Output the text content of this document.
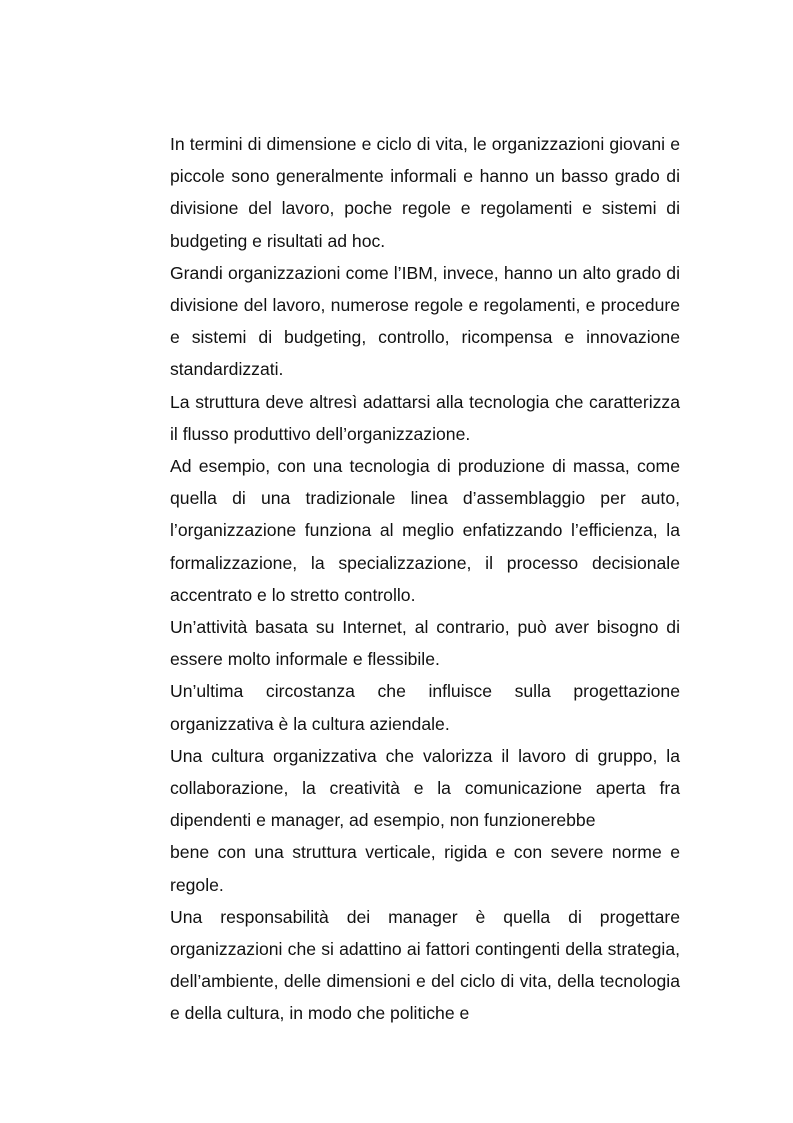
In termini di dimensione e ciclo di vita, le organizzazioni giovani e piccole sono generalmente informali e hanno un basso grado di divisione del lavoro, poche regole e regolamenti e sistemi di budgeting e risultati ad hoc.

Grandi organizzazioni come l’IBM, invece, hanno un alto grado di divisione del lavoro, numerose regole e regolamenti, e procedure e sistemi di budgeting, controllo, ricompensa e innovazione standardizzati.

La struttura deve altresì adattarsi alla tecnologia che caratterizza il flusso produttivo dell’organizzazione.

Ad esempio, con una tecnologia di produzione di massa, come quella di una tradizionale linea d’assemblaggio per auto, l’organizzazione funziona al meglio enfatizzando l’efficienza, la formalizzazione, la specializzazione, il processo decisionale accentrato e lo stretto controllo.

Un’attività basata su Internet, al contrario, può aver bisogno di essere molto informale e flessibile.

Un’ultima circostanza che influisce sulla progettazione organizzativa è la cultura aziendale.

Una cultura organizzativa che valorizza il lavoro di gruppo, la collaborazione, la creatività e la comunicazione aperta fra dipendenti e manager, ad esempio, non funzionerebbe

bene con una struttura verticale, rigida e con severe norme e regole.

Una responsabilità dei manager è quella di progettare organizzazioni che si adattino ai fattori contingenti della strategia, dell’ambiente, delle dimensioni e del ciclo di vita, della tecnologia e della cultura, in modo che politiche e
